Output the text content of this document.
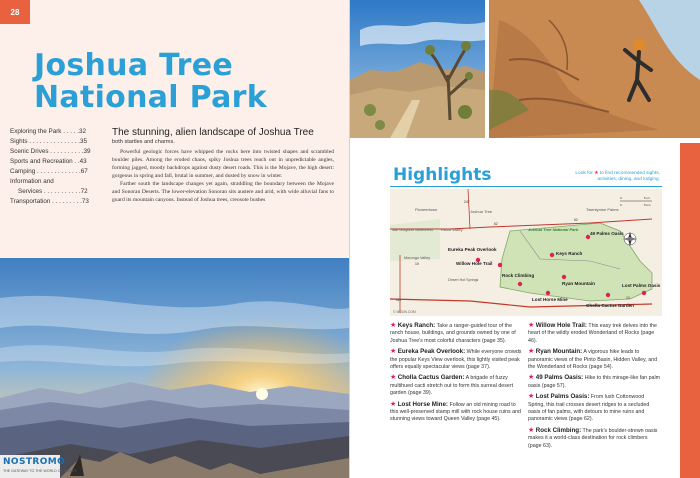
28
Joshua Tree
National Park
Exploring the Park . . . . .32
Sights . . . . . . . . . . . . . . .35
Scenic Drives . . . . . . . . . .39
Sports and Recreation . .43
Camping . . . . . . . . . . . . .67
Information and
Services . . . . . . . . . . .72
Transportation . . . . . . . . .73

The stunning, alien landscape of Joshua Tree

both startles and charms.

Powerful geologic forces have whipped the rocks here into twisted shapes and scrambled boulder piles. Among the eroded chaos, spiky Joshua trees reach out in unpredictable angles, forming jagged, moody backdrops against dusty desert roads. This is the Mojave, the high desert: gorgeous in spring and fall, brutal in summer, and dusted by snow in winter.

Farther south the landscape changes yet again, straddling the boundary between the Mojave and Sonoran Deserts. The lower-elevation Sonoran sits austere and arid, with wide alluvial fans to guard its mountain canyons. Instead of Joshua trees, creosote bushes

NOSTROMO
THE GATEWAY TO THE WORLD OF BOOKS
Highlights	Look for ★ to find recommended sights, activities, dining, and lodging.
Pioneertown	Joshua Tree
Yucca Valley
Twentynine Palms
San Gorgonio Wilderness
Morongo Valley
Desert Hot Springs
Joshua Tree National Park
247
62
62
10
10
111
49 Palms Oasis
Eureka Peak Overlook
Willow Hole Trail
Keys Ranch
Rock Climbing
Ryan Mountain
Lost Horse Mine
Cholla Cactus Garden
Lost Palms Oasis
0	5 mi
0	5 km
© MOON.COM
★ Keys Ranch: Take a ranger-guided tour of the ranch house, buildings, and grounds owned by one of Joshua Tree's most colorful characters (page 35).
★ Eureka Peak Overlook: While everyone crowds the popular Keys View overlook, this lightly visited peak offers equally spectacular views (page 37).
★ Cholla Cactus Garden: A brigade of fuzzy multihued cacti stretch out to form this surreal desert garden (page 39).
★ Lost Horse Mine: Follow an old mining road to this well-preserved stamp mill with rock house ruins and stunning views toward Queen Valley (page 45).
★ Willow Hole Trail: This easy trek delves into the heart of the wildly eroded Wonderland of Rocks (page 46).
★ Ryan Mountain: A vigorous hike leads to panoramic views of the Pinto Basin, Hidden Valley, and the Wonderland of Rocks (page 54).
★ 49 Palms Oasis: Hike to this mirage-like fan palm oasis (page 57).
★ Lost Palms Oasis: From lush Cottonwood Spring, this trail crosses desert ridges to a secluded oasis of fan palms, with detours to mine ruins and panoramic views (page 62).
★ Rock Climbing: The park's boulder-strewn oasis makes it a world-class destination for rock climbers (page 63).
